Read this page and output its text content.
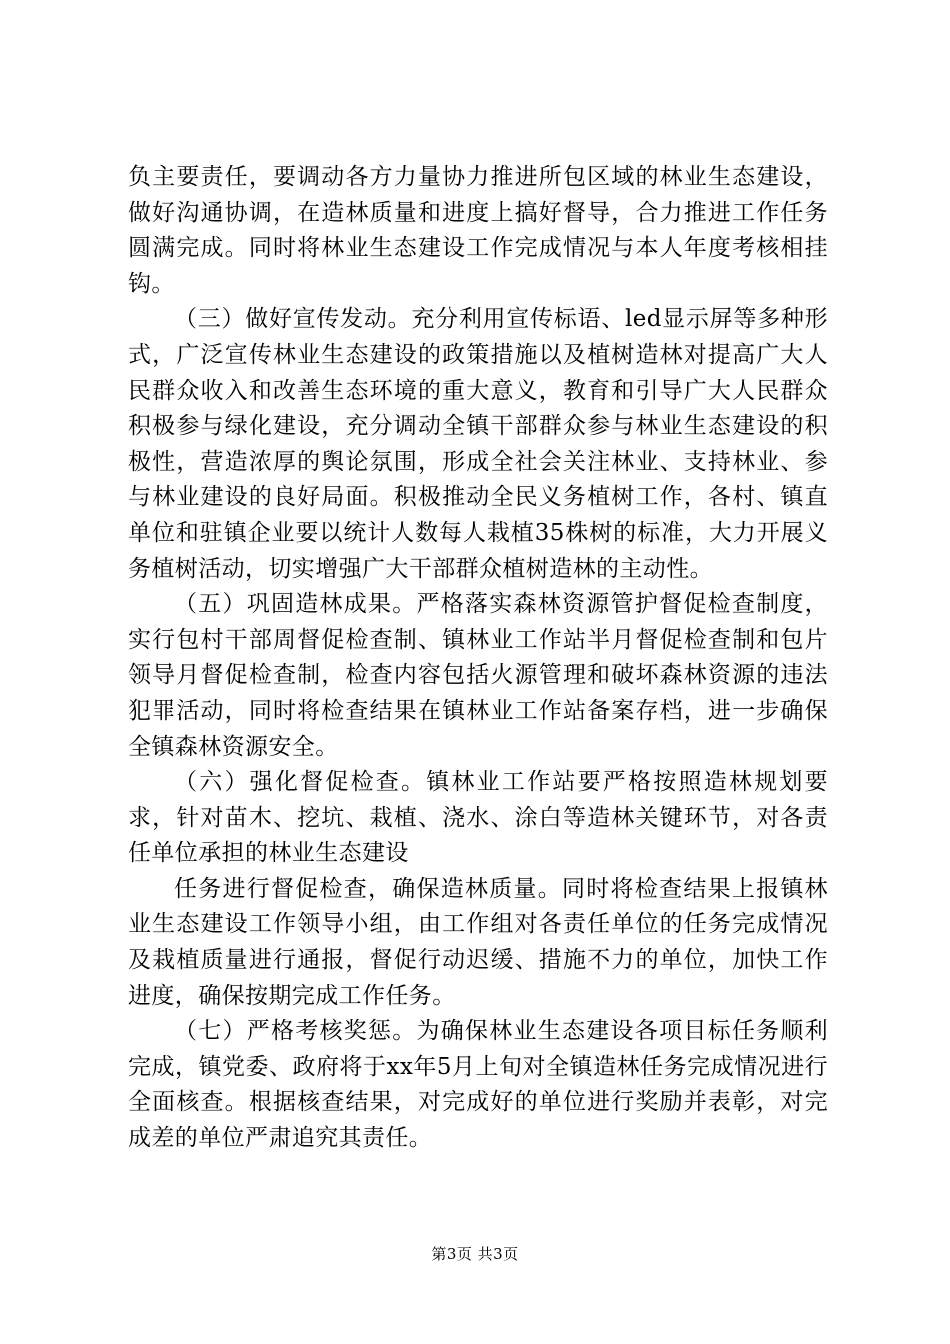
负主要责任，要调动各方力量协力推进所包区域的林业生态建设，做好沟通协调，在造林质量和进度上搞好督导，合力推进工作任务圆满完成。同时将林业生态建设工作完成情况与本人年度考核相挂钩。

（三）做好宣传发动。充分利用宣传标语、led显示屏等多种形式，广泛宣传林业生态建设的政策措施以及植树造林对提高广大人民群众收入和改善生态环境的重大意义，教育和引导广大人民群众积极参与绿化建设，充分调动全镇干部群众参与林业生态建设的积极性，营造浓厚的舆论氛围，形成全社会关注林业、支持林业、参与林业建设的良好局面。积极推动全民义务植树工作，各村、镇直单位和驻镇企业要以统计人数每人栽植35株树的标准，大力开展义务植树活动，切实增强广大干部群众植树造林的主动性。

（五）巩固造林成果。严格落实森林资源管护督促检查制度，实行包村干部周督促检查制、镇林业工作站半月督促检查制和包片领导月督促检查制，检查内容包括火源管理和破坏森林资源的违法犯罪活动，同时将检查结果在镇林业工作站备案存档，进一步确保全镇森林资源安全。

（六）强化督促检查。镇林业工作站要严格按照造林规划要求，针对苗木、挖坑、栽植、浇水、涂白等造林关键环节，对各责任单位承担的林业生态建设

任务进行督促检查，确保造林质量。同时将检查结果上报镇林业生态建设工作领导小组，由工作组对各责任单位的任务完成情况及栽植质量进行通报，督促行动迟缓、措施不力的单位，加快工作进度，确保按期完成工作任务。

（七）严格考核奖惩。为确保林业生态建设各项目标任务顺利完成，镇党委、政府将于xx年5月上旬对全镇造林任务完成情况进行全面核查。根据核查结果，对完成好的单位进行奖励并表彰，对完成差的单位严肃追究其责任。

第3页 共3页
